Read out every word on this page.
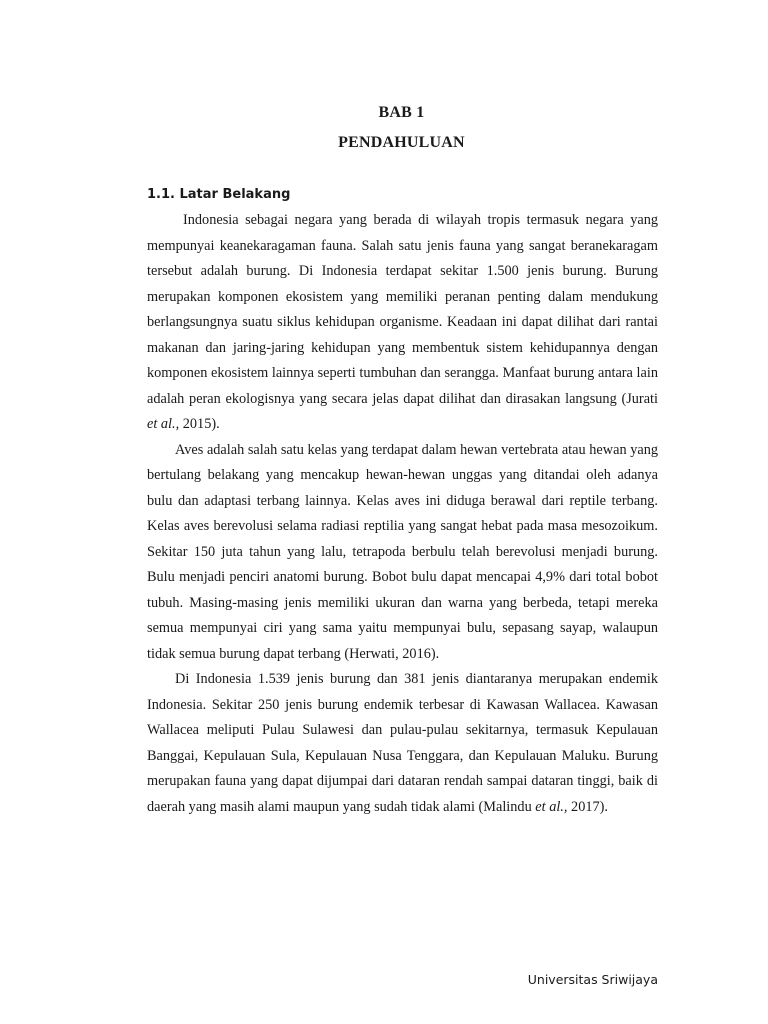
BAB 1
PENDAHULUAN
1.1. Latar Belakang

Indonesia sebagai negara yang berada di wilayah tropis termasuk negara yang mempunyai keanekaragaman fauna. Salah satu jenis fauna yang sangat beranekaragam tersebut adalah burung. Di Indonesia terdapat sekitar 1.500 jenis burung. Burung merupakan komponen ekosistem yang memiliki peranan penting dalam mendukung berlangsungnya suatu siklus kehidupan organisme. Keadaan ini dapat dilihat dari rantai makanan dan jaring-jaring kehidupan yang membentuk sistem kehidupannya dengan komponen ekosistem lainnya seperti tumbuhan dan serangga. Manfaat burung antara lain adalah peran ekologisnya yang secara jelas dapat dilihat dan dirasakan langsung (Jurati et al., 2015).

Aves adalah salah satu kelas yang terdapat dalam hewan vertebrata atau hewan yang bertulang belakang yang mencakup hewan-hewan unggas yang ditandai oleh adanya bulu dan adaptasi terbang lainnya. Kelas aves ini diduga berawal dari reptile terbang. Kelas aves berevolusi selama radiasi reptilia yang sangat hebat pada masa mesozoikum. Sekitar 150 juta tahun yang lalu, tetrapoda berbulu telah berevolusi menjadi burung. Bulu menjadi penciri anatomi burung. Bobot bulu dapat mencapai 4,9% dari total bobot tubuh. Masing-masing jenis memiliki ukuran dan warna yang berbeda, tetapi mereka semua mempunyai ciri yang sama yaitu mempunyai bulu, sepasang sayap, walaupun tidak semua burung dapat terbang (Herwati, 2016).

Di Indonesia 1.539 jenis burung dan 381 jenis diantaranya merupakan endemik Indonesia. Sekitar 250 jenis burung endemik terbesar di Kawasan Wallacea. Kawasan Wallacea meliputi Pulau Sulawesi dan pulau-pulau sekitarnya, termasuk Kepulauan Banggai, Kepulauan Sula, Kepulauan Nusa Tenggara, dan Kepulauan Maluku. Burung merupakan fauna yang dapat dijumpai dari dataran rendah sampai dataran tinggi, baik di daerah yang masih alami maupun yang sudah tidak alami (Malindu et al., 2017).

Universitas Sriwijaya
